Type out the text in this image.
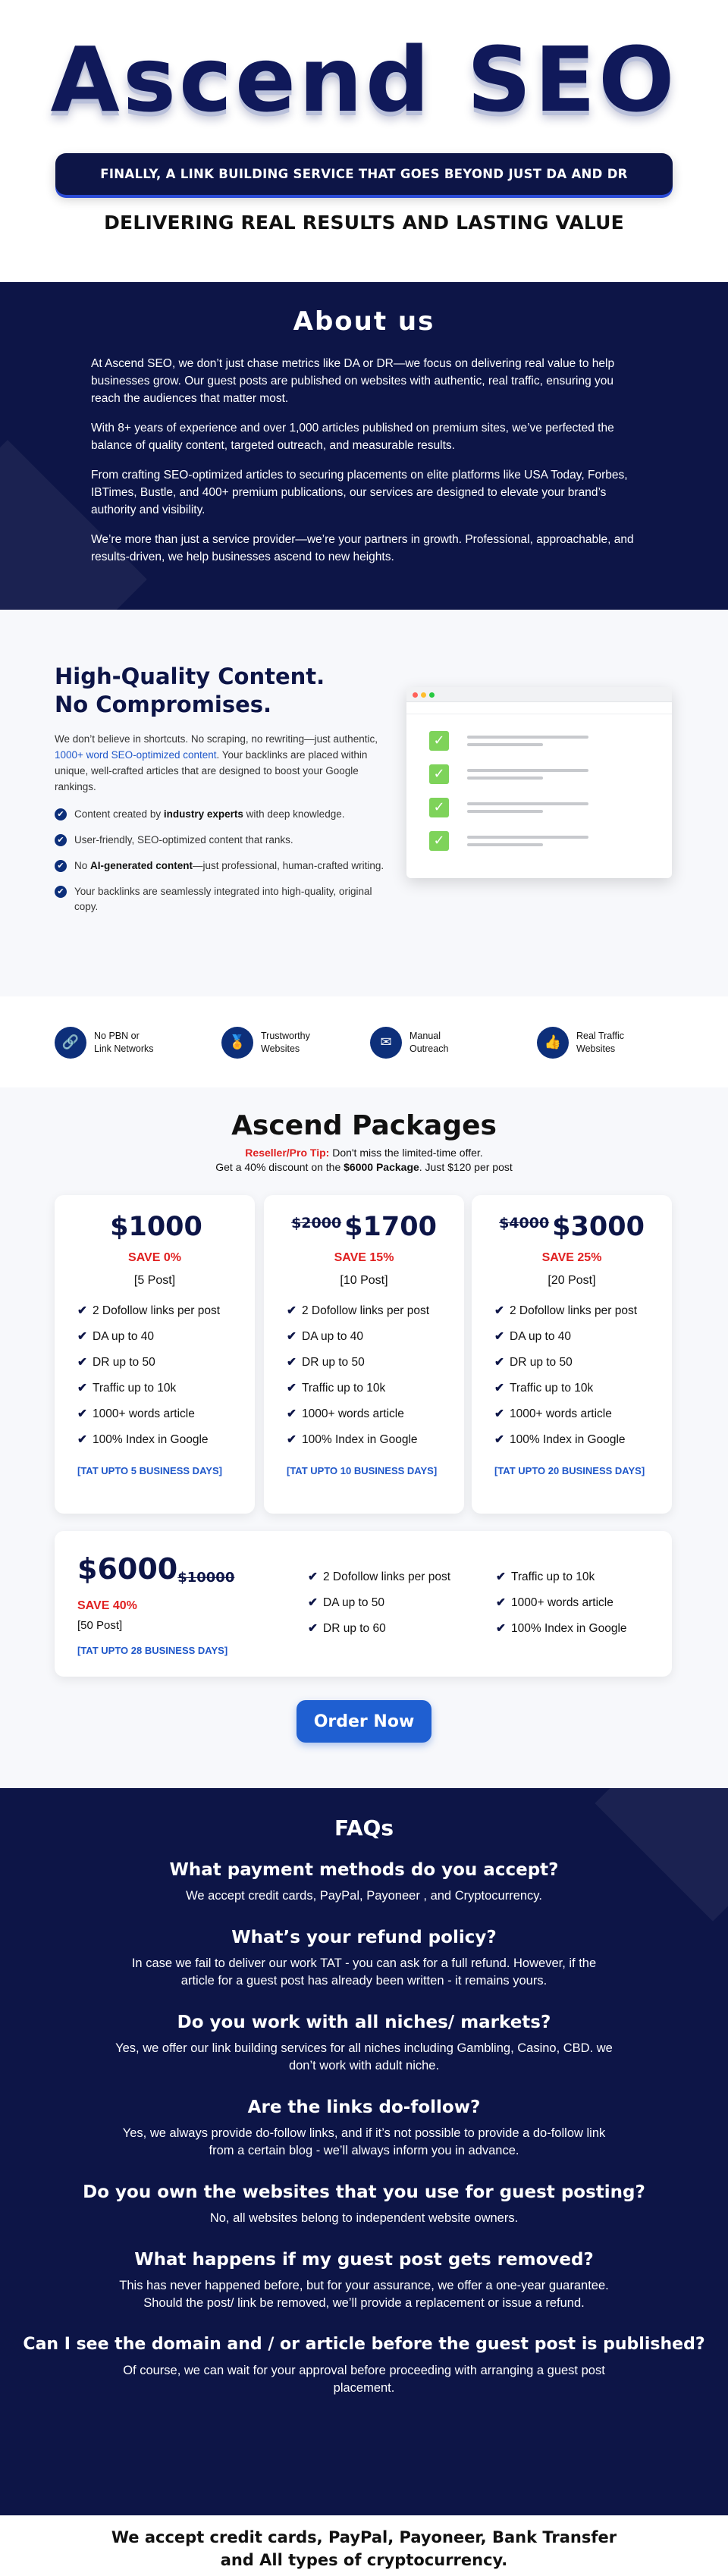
Ascend SEO
FINALLY, A LINK BUILDING SERVICE THAT GOES BEYOND JUST DA AND DR
DELIVERING REAL RESULTS AND LASTING VALUE
About us

At Ascend SEO, we don’t just chase metrics like DA or DR—we focus on delivering real value to help businesses grow. Our guest posts are published on websites with authentic, real traffic, ensuring you reach the audiences that matter most.

With 8+ years of experience and over 1,000 articles published on premium sites, we’ve perfected the balance of quality content, targeted outreach, and measurable results.

From crafting SEO-optimized articles to securing placements on elite platforms like USA Today, Forbes, IBTimes, Bustle, and 400+ premium publications, our services are designed to elevate your brand’s authority and visibility.

We’re more than just a service provider—we’re your partners in growth. Professional, approachable, and results-driven, we help businesses ascend to new heights.

High-Quality Content.
No Compromises.

We don’t believe in shortcuts. No scraping, no rewriting—just authentic, 1000+ word SEO-optimized content. Your backlinks are placed within unique, well-crafted articles that are designed to boost your Google rankings.

✔ Content created by industry experts with deep knowledge.
✔ User-friendly, SEO-optimized content that ranks.
✔ No AI-generated content—just professional, human-crafted writing.
✔ Your backlinks are seamlessly integrated into high-quality, original copy.
✓
✓
✓
✓
🔗	No PBN or
Link Networks	🏅	Trustworthy
Websites	✉	Manual
Outreach	👍	Real Traffic
Websites
Ascend Packages
Reseller/Pro Tip: Don't miss the limited-time offer.
Get a 40% discount on the $6000 Package. Just $120 per post
$1000
SAVE 0%
[5 Post]
✔ 2 Dofollow links per post
✔ DA up to 40
✔ DR up to 50
✔ Traffic up to 10k
✔ 1000+ words article
✔ 100% Index in Google
[TAT UPTO 5 BUSINESS DAYS]
$^{\$2000}$ $1700
SAVE 15%
[10 Post]
✔ 2 Dofollow links per post
✔ DA up to 40
✔ DR up to 50
✔ Traffic up to 10k
✔ 1000+ words article
✔ 100% Index in Google
[TAT UPTO 10 BUSINESS DAYS]
$^{\$4000}$ $3000
SAVE 25%
[20 Post]
✔ 2 Dofollow links per post
✔ DA up to 40
✔ DR up to 50
✔ Traffic up to 10k
✔ 1000+ words article
✔ 100% Index in Google
[TAT UPTO 20 BUSINESS DAYS]
$6000$10000
SAVE 40%
[50 Post]
[TAT UPTO 28 BUSINESS DAYS]
✔ 2 Dofollow links per post
✔ DA up to 50
✔ DR up to 60
✔ Traffic up to 10k
✔ 1000+ words article
✔ 100% Index in Google
Order Now
FAQs
What payment methods do you accept?
We accept credit cards, PayPal, Payoneer , and Cryptocurrency.
What’s your refund policy?
In case we fail to deliver our work TAT - you can ask for a full refund. However, if the article for a guest post has already been written - it remains yours.
Do you work with all niches/ markets?
Yes, we offer our link building services for all niches including Gambling, Casino, CBD. we don’t work with adult niche.
Are the links do-follow?
Yes, we always provide do-follow links, and if it’s not possible to provide a do-follow link from a certain blog - we’ll always inform you in advance.
Do you own the websites that you use for guest posting?
No, all websites belong to independent website owners.
What happens if my guest post gets removed?
This has never happened before, but for your assurance, we offer a one-year guarantee. Should the post/ link be removed, we’ll provide a replacement or issue a refund.
Can I see the domain and / or article before the guest post is published?
Of course, we can wait for your approval before proceeding with arranging a guest post placement.
We accept credit cards, PayPal, Payoneer, Bank Transfer and All types of cryptocurrency.
